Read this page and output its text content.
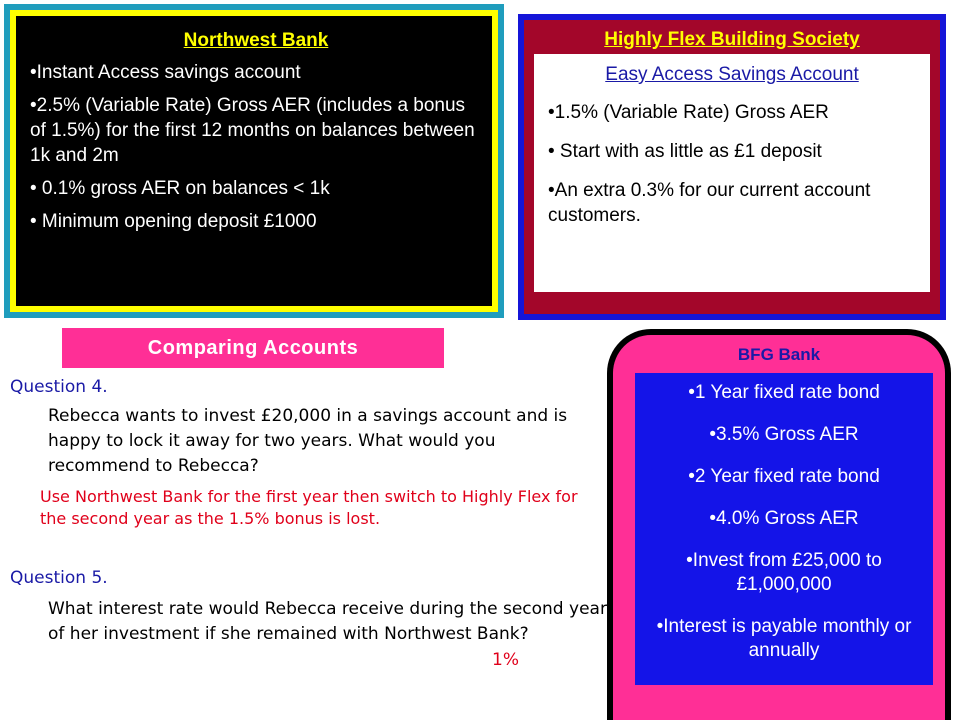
Northwest Bank
•Instant Access savings account
•2.5% (Variable Rate) Gross AER (includes a bonus of 1.5%) for the first 12 months on balances between 1k and 2m
• 0.1% gross AER on balances < 1k
• Minimum opening deposit £1000
Highly Flex Building Society
Easy Access Savings Account
•1.5% (Variable Rate) Gross AER
• Start with as little as £1 deposit
•An extra 0.3% for our current account customers.
Comparing Accounts
Question 4.
Rebecca wants to invest £20,000 in a savings account and is happy to lock it away for two years. What would you recommend to Rebecca?
Use Northwest Bank for the first year then switch to Highly Flex for the second year as the 1.5% bonus is lost.
Question 5.
What interest rate would Rebecca receive during the second year of her investment if she remained with Northwest Bank?
1%
BFG Bank
•1 Year fixed rate bond
•3.5% Gross AER
•2 Year fixed rate bond
•4.0% Gross AER
•Invest from £25,000 to £1,000,000
•Interest is payable monthly or annually
